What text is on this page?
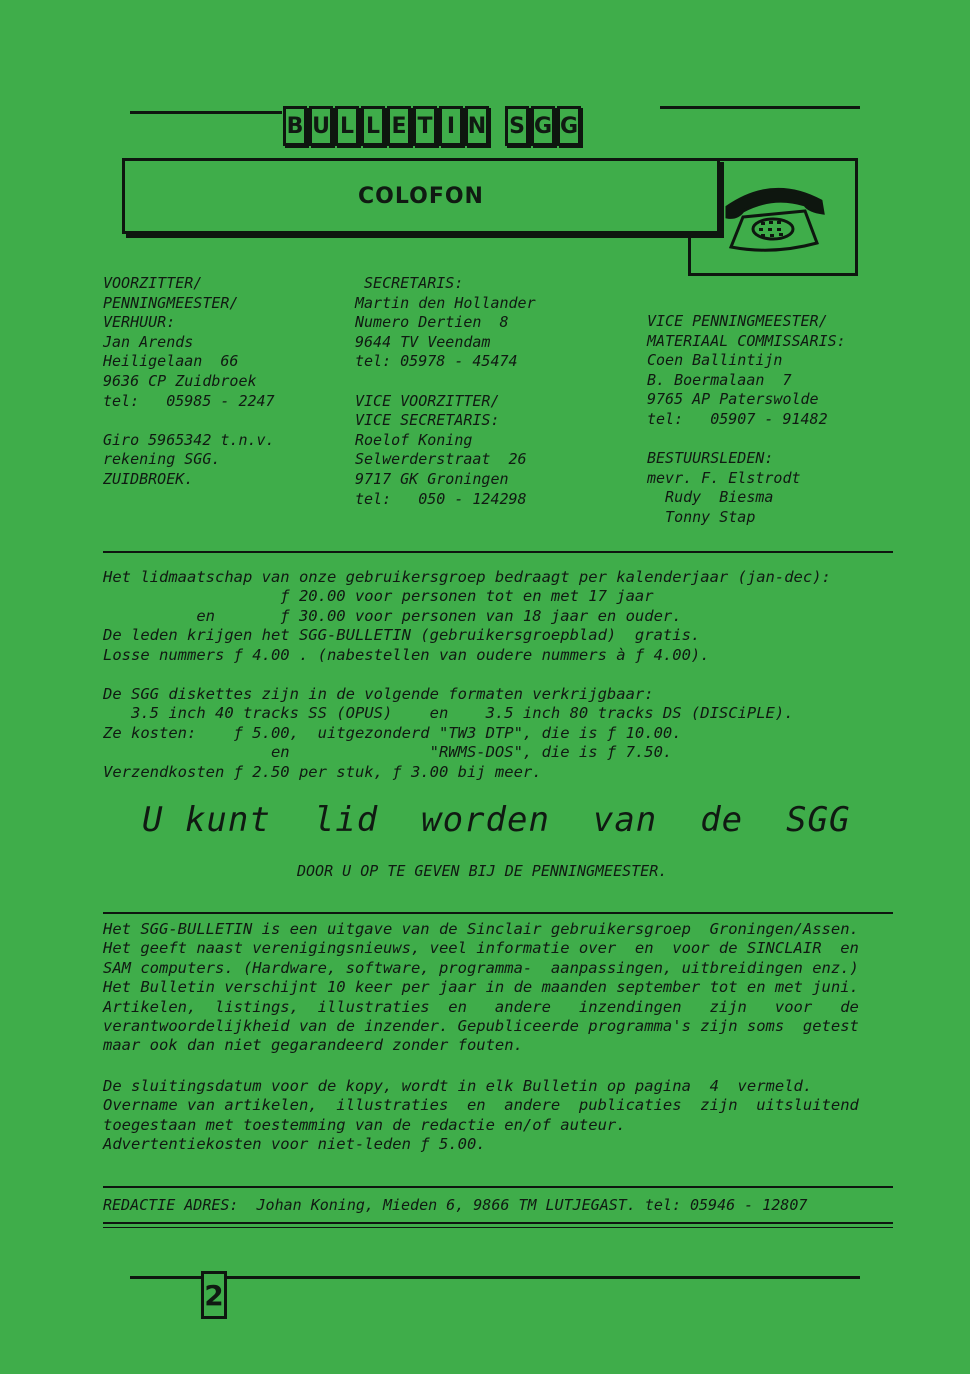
B U L L E T I N S G G
COLOFON
VOORZITTER/
PENNINGMEESTER/
VERHUUR:
Jan Arends
Heiligelaan  66
9636 CP Zuidbroek
tel:   05985 - 2247

Giro 5965342 t.n.v.
rekening SGG.
ZUIDBROEK.
SECRETARIS:
Martin den Hollander
Numero Dertien  8
9644 TV Veendam
tel: 05978 - 45474

VICE VOORZITTER/
VICE SECRETARIS:
Roelof Koning
Selwerderstraat  26
9717 GK Groningen
tel:   050 - 124298
VICE PENNINGMEESTER/
MATERIAAL COMMISSARIS:
Coen Ballintijn
B. Boermalaan  7
9765 AP Paterswolde
tel:   05907 - 91482

BESTUURSLEDEN:
mevr. F. Elstrodt
Rudy  Biesma
Tonny Stap
Het lidmaatschap van onze gebruikersgroep bedraagt per kalenderjaar (jan-dec):
ƒ 20.00 voor personen tot en met 17 jaar
en       ƒ 30.00 voor personen van 18 jaar en ouder.
De leden krijgen het SGG-BULLETIN (gebruikersgroepblad)  gratis.
Losse nummers ƒ 4.00 . (nabestellen van oudere nummers à ƒ 4.00).
De SGG diskettes zijn in de volgende formaten verkrijgbaar:
3.5 inch 40 tracks SS (OPUS)    en    3.5 inch 80 tracks DS (DISCiPLE).
Ze kosten:    ƒ 5.00,  uitgezonderd "TW3 DTP", die is ƒ 10.00.
en               "RWMS-DOS", die is ƒ 7.50.
Verzendkosten ƒ 2.50 per stuk, ƒ 3.00 bij meer.
U kunt  lid  worden  van  de  SGG
DOOR U OP TE GEVEN BIJ DE PENNINGMEESTER.
Het SGG-BULLETIN is een uitgave van de Sinclair gebruikersgroep  Groningen/Assen.
Het geeft naast verenigingsnieuws, veel informatie over  en  voor de SINCLAIR  en
SAM computers. (Hardware, software, programma-  aanpassingen, uitbreidingen enz.)
Het Bulletin verschijnt 10 keer per jaar in de maanden september tot en met juni.
Artikelen,  listings,  illustraties  en   andere   inzendingen   zijn   voor   de
verantwoordelijkheid van de inzender. Gepubliceerde programma's zijn soms  getest
maar ook dan niet gegarandeerd zonder fouten.
De sluitingsdatum voor de kopy, wordt in elk Bulletin op pagina  4  vermeld.
Overname van artikelen,  illustraties  en  andere  publicaties  zijn  uitsluitend
toegestaan met toestemming van de redactie en/of auteur.
Advertentiekosten voor niet-leden ƒ 5.00.
REDACTIE ADRES:  Johan Koning, Mieden 6, 9866 TM LUTJEGAST. tel: 05946 - 12807
2
